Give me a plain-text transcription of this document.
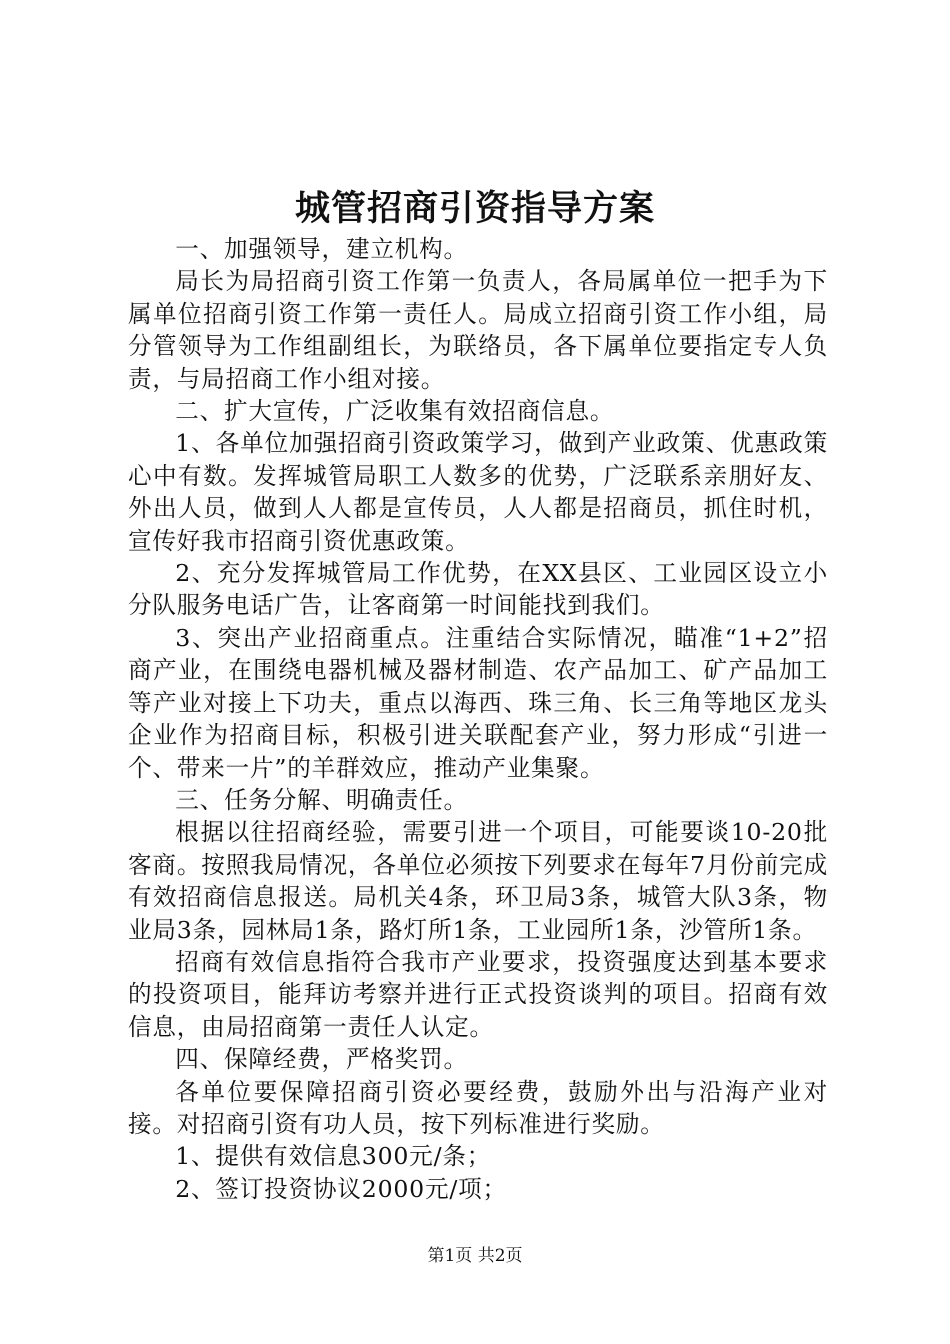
城管招商引资指导方案

一、加强领导，建立机构。

局长为局招商引资工作第一负责人，各局属单位一把手为下属单位招商引资工作第一责任人。局成立招商引资工作小组，局分管领导为工作组副组长，为联络员，各下属单位要指定专人负责，与局招商工作小组对接。

二、扩大宣传，广泛收集有效招商信息。

1、各单位加强招商引资政策学习，做到产业政策、优惠政策心中有数。发挥城管局职工人数多的优势，广泛联系亲朋好友、外出人员，做到人人都是宣传员，人人都是招商员，抓住时机，宣传好我市招商引资优惠政策。

2、充分发挥城管局工作优势，在XX县区、工业园区设立小分队服务电话广告，让客商第一时间能找到我们。

3、突出产业招商重点。注重结合实际情况，瞄准“1+2”招商产业，在围绕电器机械及器材制造、农产品加工、矿产品加工等产业对接上下功夫，重点以海西、珠三角、长三角等地区龙头企业作为招商目标，积极引进关联配套产业，努力形成“引进一个、带来一片”的羊群效应，推动产业集聚。

三、任务分解、明确责任。

根据以往招商经验，需要引进一个项目，可能要谈10-20批客商。按照我局情况，各单位必须按下列要求在每年7月份前完成有效招商信息报送。局机关4条，环卫局3条，城管大队3条，物业局3条，园林局1条，路灯所1条，工业园所1条，沙管所1条。

招商有效信息指符合我市产业要求，投资强度达到基本要求的投资项目，能拜访考察并进行正式投资谈判的项目。招商有效信息，由局招商第一责任人认定。

四、保障经费，严格奖罚。

各单位要保障招商引资必要经费，鼓励外出与沿海产业对接。对招商引资有功人员，按下列标准进行奖励。

1、提供有效信息300元/条；

2、签订投资协议2000元/项；

第1页 共2页
